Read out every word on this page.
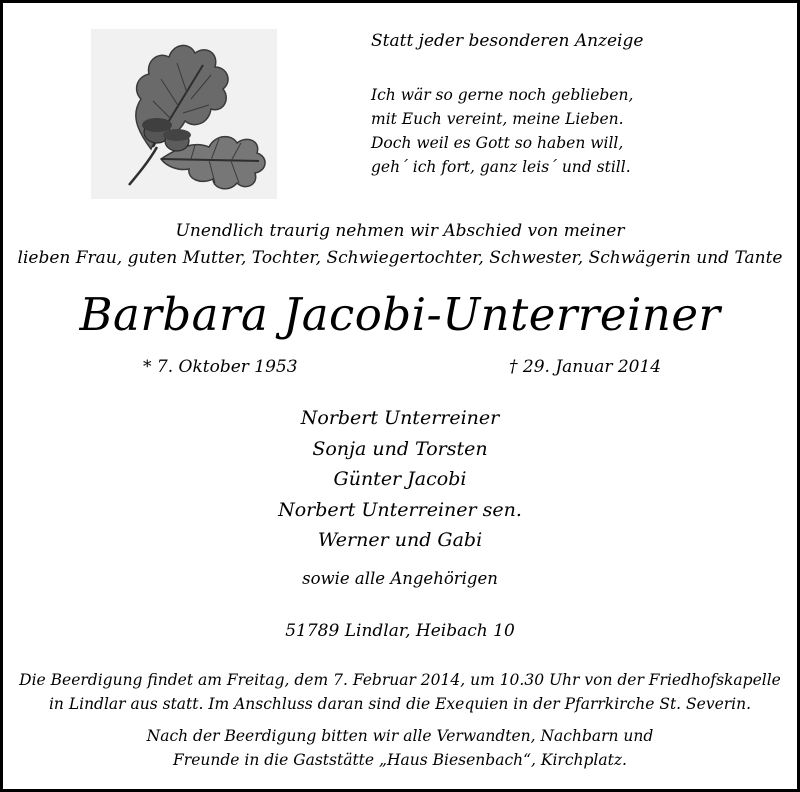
Statt jeder besonderen Anzeige
Ich wär so gerne noch geblieben,
mit Euch vereint, meine Lieben.
Doch weil es Gott so haben will,
geh´ ich fort, ganz leis´ und still.
Unendlich traurig nehmen wir Abschied von meiner
lieben Frau, guten Mutter, Tochter, Schwiegertochter, Schwester, Schwägerin und Tante
Barbara Jacobi-Unterreiner
* 7. Oktober 1953	† 29. Januar 2014
Norbert Unterreiner
Sonja und Torsten
Günter Jacobi
Norbert Unterreiner sen.
Werner und Gabi
sowie alle Angehörigen
51789 Lindlar, Heibach 10
Die Beerdigung findet am Freitag, dem 7. Februar 2014, um 10.30 Uhr von der Friedhofskapelle
in Lindlar aus statt. Im Anschluss daran sind die Exequien in der Pfarrkirche St. Severin.
Nach der Beerdigung bitten wir alle Verwandten, Nachbarn und
Freunde in die Gaststätte „Haus Biesenbach“, Kirchplatz.
